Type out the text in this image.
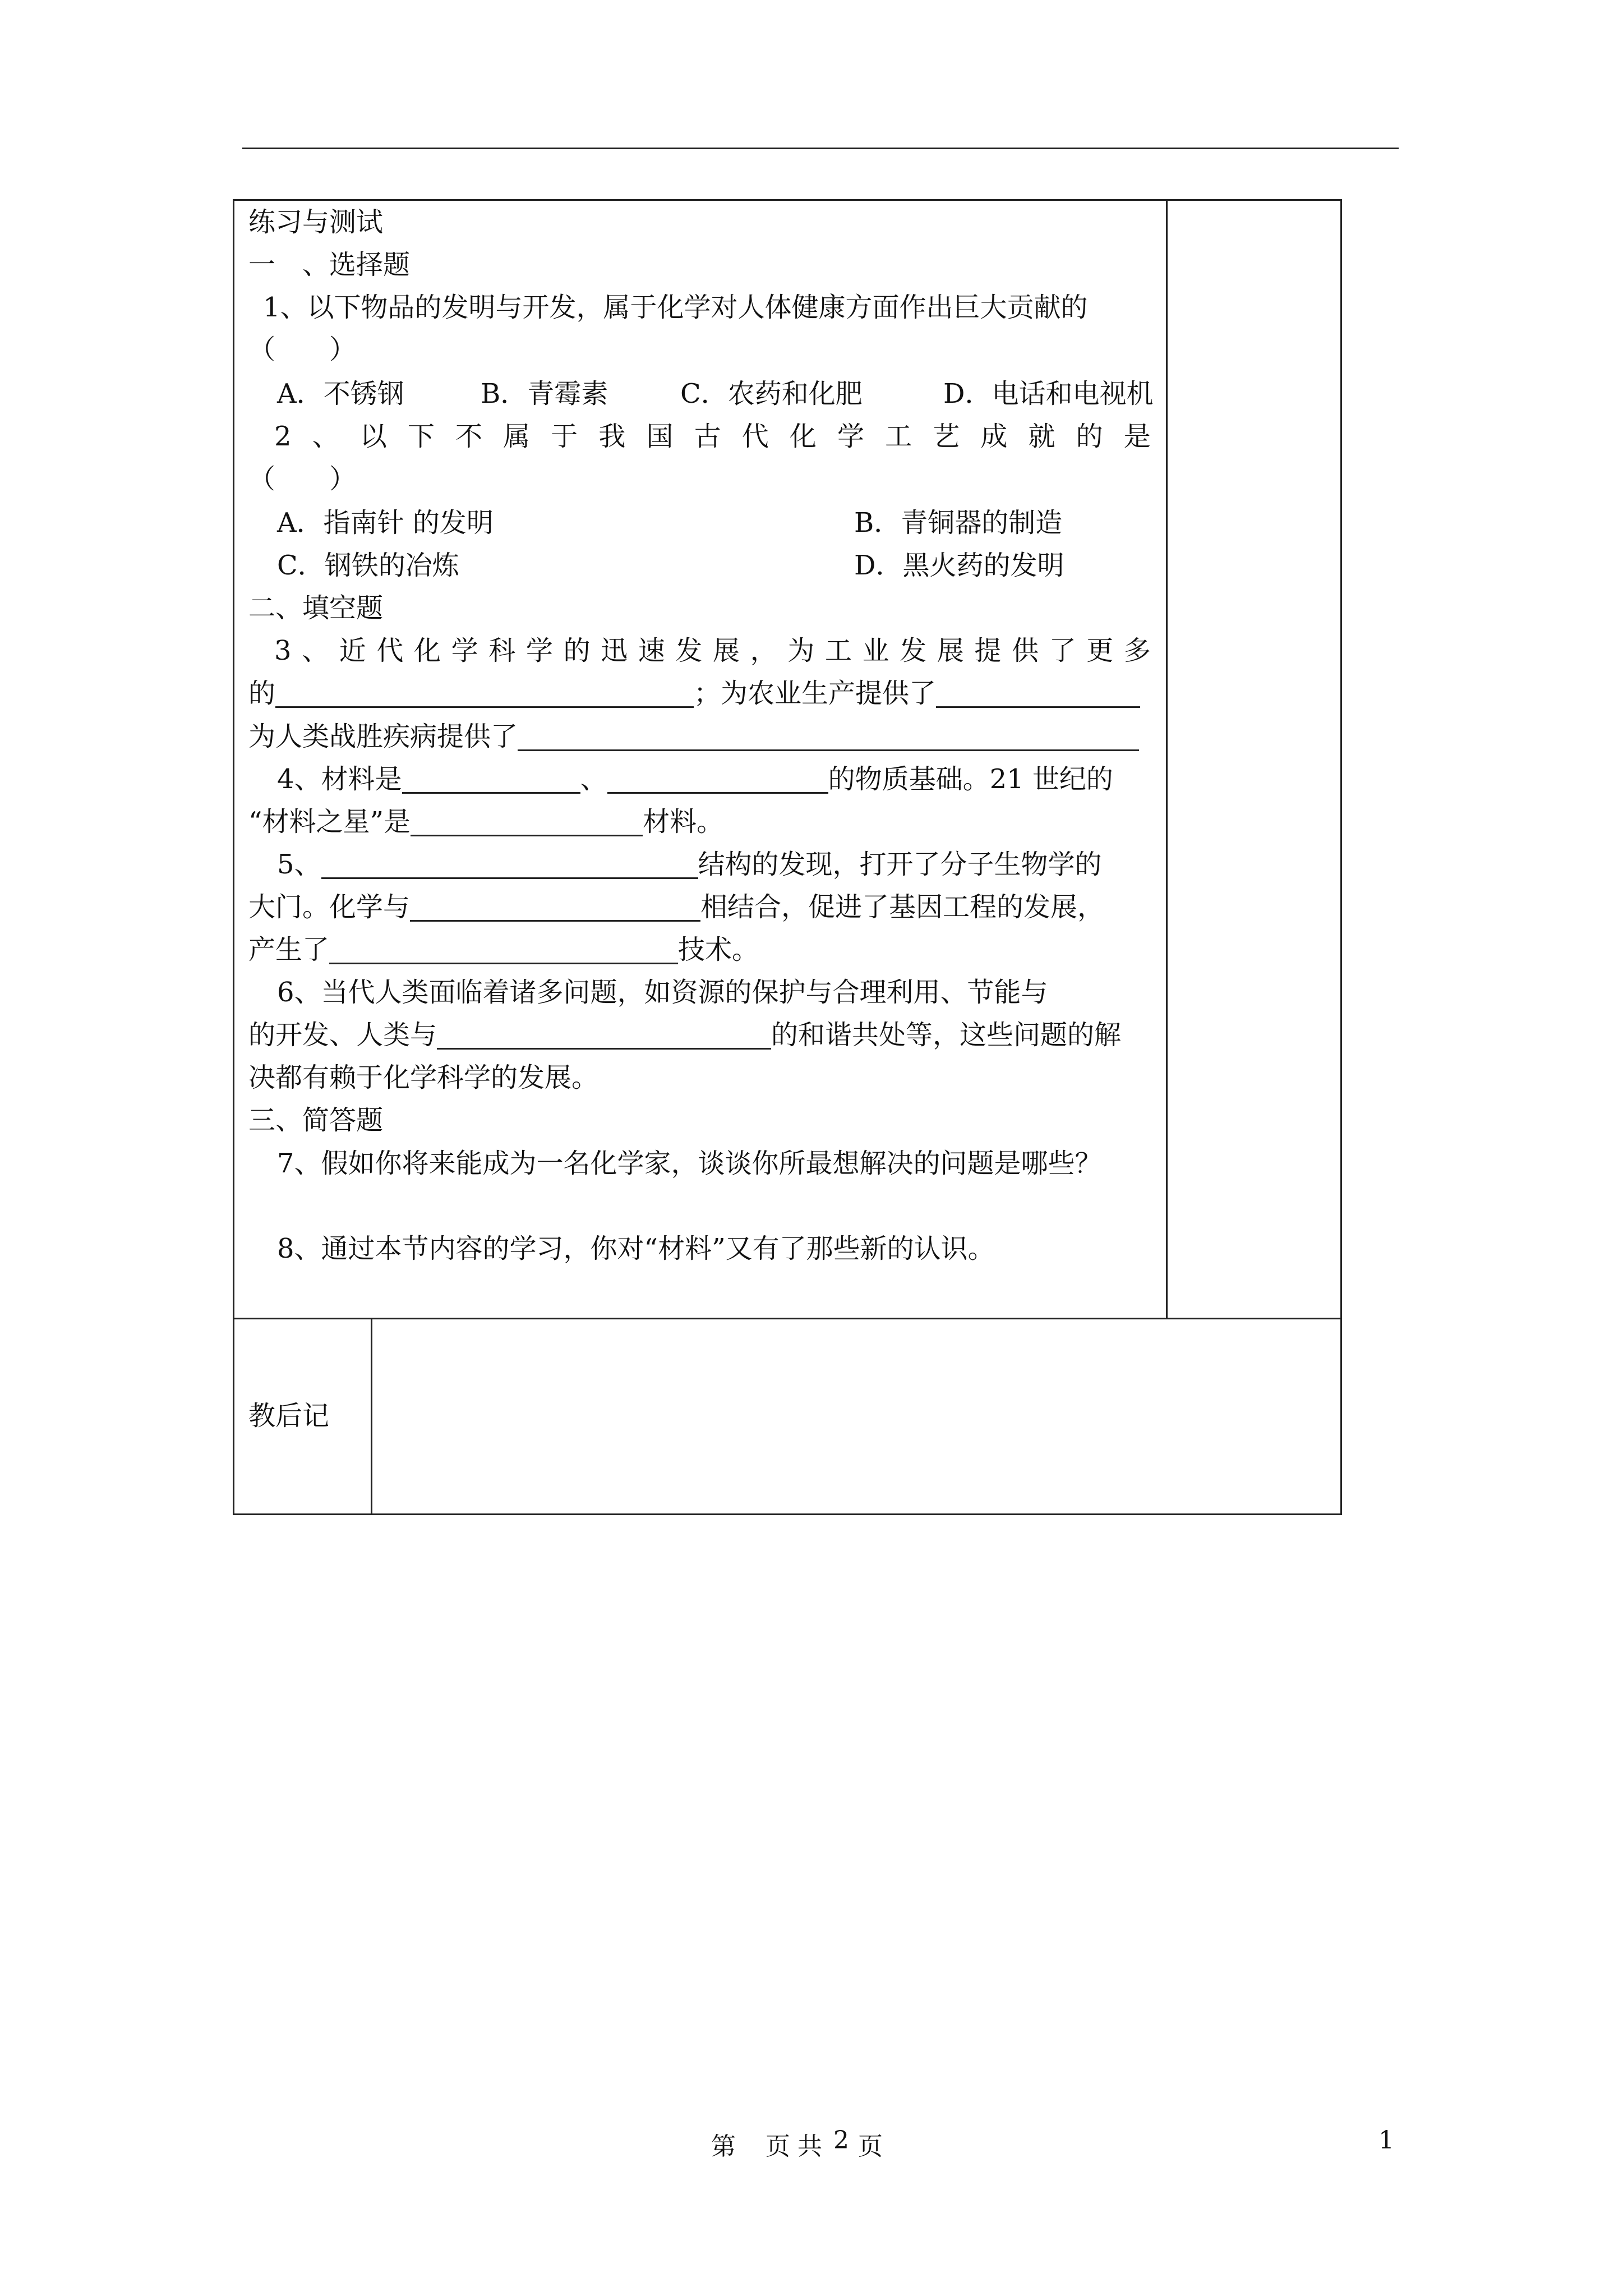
练习与测试
一　、选择题
1、以下物品的发明与开发，属于化学对人体健康方面作出巨大贡献的
（　　）
A．不锈钢	B．青霉素	C．农药和化肥	D．电话和电视机
2 、 以 下 不 属 于 我 国 古 代 化 学 工 艺 成 就 的 是
（　　）
A．指南针 的发明	B．青铜器的制造
C．钢铁的冶炼	D．黑火药的发明
二、填空题
3 、 近 代 化 学 科 学 的 迅 速 发 展 ， 为 工 业 发 展 提 供 了 更 多
的	；为农业生产提供了
为人类战胜疾病提供了
4、材料是	、	的物质基础。21 世纪的
“材料之星”是	材料。
5、	结构的发现，打开了分子生物学的
大门。化学与	相结合，促进了基因工程的发展，
产生了	技术。
6、当代人类面临着诸多问题，如资源的保护与合理利用、节能与
的开发、人类与	的和谐共处等，这些问题的解
决都有赖于化学科学的发展。
三、简答题
7、假如你将来能成为一名化学家，谈谈你所最想解决的问题是哪些？
8、通过本节内容的学习，你对“材料”又有了那些新的认识。
教后记
第 页 共 2 页	1
